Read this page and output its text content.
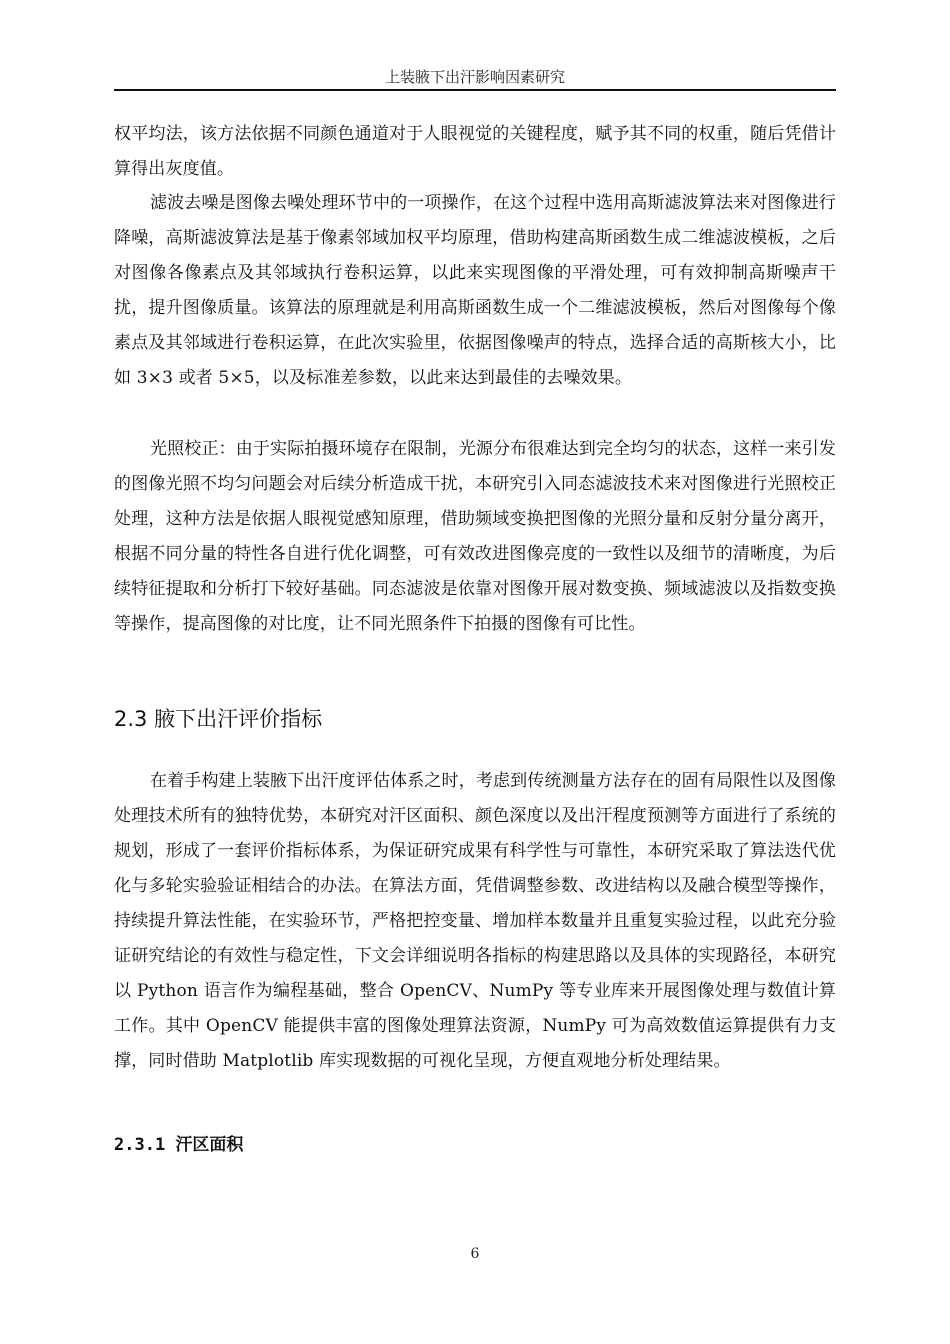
上装腋下出汗影响因素研究

权平均法，该方法依据不同颜色通道对于人眼视觉的关键程度，赋予其不同的权重，随后凭借计算得出灰度值。

滤波去噪是图像去噪处理环节中的一项操作，在这个过程中选用高斯滤波算法来对图像进行降噪，高斯滤波算法是基于像素邻域加权平均原理，借助构建高斯函数生成二维滤波模板，之后对图像各像素点及其邻域执行卷积运算，以此来实现图像的平滑处理，可有效抑制高斯噪声干扰，提升图像质量。该算法的原理就是利用高斯函数生成一个二维滤波模板，然后对图像每个像素点及其邻域进行卷积运算，在此次实验里，依据图像噪声的特点，选择合适的高斯核大小，比如 3×3 或者 5×5，以及标准差参数，以此来达到最佳的去噪效果。

光照校正：由于实际拍摄环境存在限制，光源分布很难达到完全均匀的状态，这样一来引发的图像光照不均匀问题会对后续分析造成干扰，本研究引入同态滤波技术来对图像进行光照校正处理，这种方法是依据人眼视觉感知原理，借助频域变换把图像的光照分量和反射分量分离开，根据不同分量的特性各自进行优化调整，可有效改进图像亮度的一致性以及细节的清晰度，为后续特征提取和分析打下较好基础。同态滤波是依靠对图像开展对数变换、频域滤波以及指数变换等操作，提高图像的对比度，让不同光照条件下拍摄的图像有可比性。

2.3 腋下出汗评价指标

在着手构建上装腋下出汗度评估体系之时，考虑到传统测量方法存在的固有局限性以及图像处理技术所有的独特优势，本研究对汗区面积、颜色深度以及出汗程度预测等方面进行了系统的规划，形成了一套评价指标体系，为保证研究成果有科学性与可靠性，本研究采取了算法迭代优化与多轮实验验证相结合的办法。在算法方面，凭借调整参数、改进结构以及融合模型等操作，持续提升算法性能，在实验环节，严格把控变量、增加样本数量并且重复实验过程，以此充分验证研究结论的有效性与稳定性，下文会详细说明各指标的构建思路以及具体的实现路径，本研究以 Python 语言作为编程基础，整合 OpenCV、NumPy 等专业库来开展图像处理与数值计算工作。其中 OpenCV 能提供丰富的图像处理算法资源，NumPy 可为高效数值运算提供有力支撑，同时借助 Matplotlib 库实现数据的可视化呈现，方便直观地分析处理结果。

2.3.1 汗区面积
6
